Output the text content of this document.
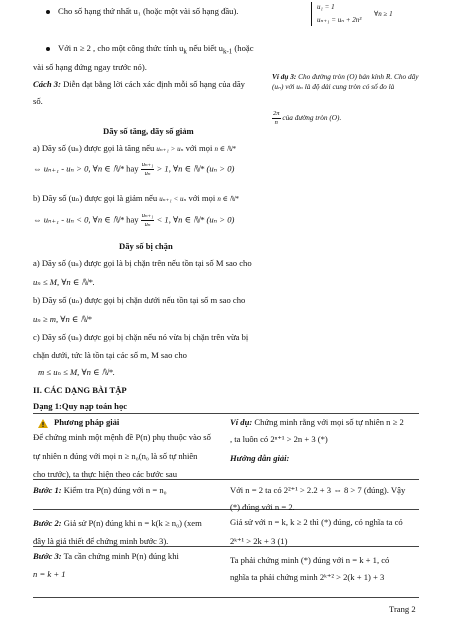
Cho số hạng thứ nhất u₁ (hoặc một vài số hạng đầu).
Với n ≥ 2 , cho một công thức tính $u_k$ nếu biết $u_{k-1}$ (hoặc
vài số hạng đứng ngay trước nó).
Cách 3: Diễn đạt bằng lời cách xác định mỗi số hạng của dãy
số.
u₁ = 1
uₙ₊₁ = uₙ + 2n³
∀n ≥ 1
Ví dụ 3: Cho đường tròn (O) bán kính R. Cho dãy (uₙ) với uₙ là độ dài cung tròn có số đo là
$\frac{2\pi}{n}$ của đường tròn (O).
Dãy số tăng, dãy số giảm
a) Dãy số (uₙ) được gọi là tăng nếu uₙ₊₁ > uₙ với mọi n ∈ ℕ*
⇔ uₙ₊₁ - uₙ > 0, ∀n ∈ ℕ* hay $\frac{\text{uₙ₊₁}}{\text{uₙ}} > 1$, ∀n ∈ ℕ* (uₙ > 0)
b) Dãy số (uₙ) được gọi là giảm nếu uₙ₊₁ < uₙ với mọi n ∈ ℕ*
⇔ uₙ₊₁ - uₙ < 0, ∀n ∈ ℕ* hay $\frac{\text{uₙ₊₁}}{\text{uₙ}} < 1$, ∀n ∈ ℕ* (uₙ > 0)
Dãy số bị chặn
a) Dãy số (uₙ) được gọi là bị chặn trên nếu tồn tại số M sao cho
uₙ ≤ M, ∀n ∈ ℕ*.
b) Dãy số (uₙ) được gọi bị chặn dưới nếu tồn tại số m sao cho
uₙ ≥ m, ∀n ∈ ℕ*
c) Dãy số (uₙ) được gọi bị chặn nếu nó vừa bị chặn trên vừa bị
chặn dưới, tức là tồn tại các số m, M sao cho
m ≤ uₙ ≤ M, ∀n ∈ ℕ*.
II. CÁC DẠNG BÀI TẬP
Dạng 1:Quy nạp toán học
Phương pháp giải
Để chứng minh một mệnh đề P(n) phụ thuộc vào số
tự nhiên n đúng với mọi n ≥ n₀(n₀ là số tự nhiên
cho trước), ta thực hiện theo các bước sau
Bước 1: Kiểm tra P(n) đúng với n = n₀
Bước 2: Giả sử P(n) đúng khi n = k(k ≥ n₀) (xem
đây là giả thiết để chứng minh bước 3).
Bước 3: Ta cần chứng minh P(n) đúng khi
n = k + 1
Ví dụ: Chứng minh rằng với mọi số tự nhiên n ≥ 2
, ta luôn có 2ⁿ⁺¹ > 2n + 3 (*)
Hướng dẫn giải:
Với n = 2 ta có 2²⁺¹ > 2.2 + 3 ⇔ 8 > 7 (đúng). Vậy
(*) đúng với n = 2.
Giả sử với n = k, k ≥ 2 thì (*) đúng, có nghĩa ta có
2ᵏ⁺¹ > 2k + 3 (1)
Ta phải chứng minh (*) đúng với n = k + 1, có
nghĩa ta phải chứng minh 2ᵏ⁺² > 2(k + 1) + 3
Trang 2
